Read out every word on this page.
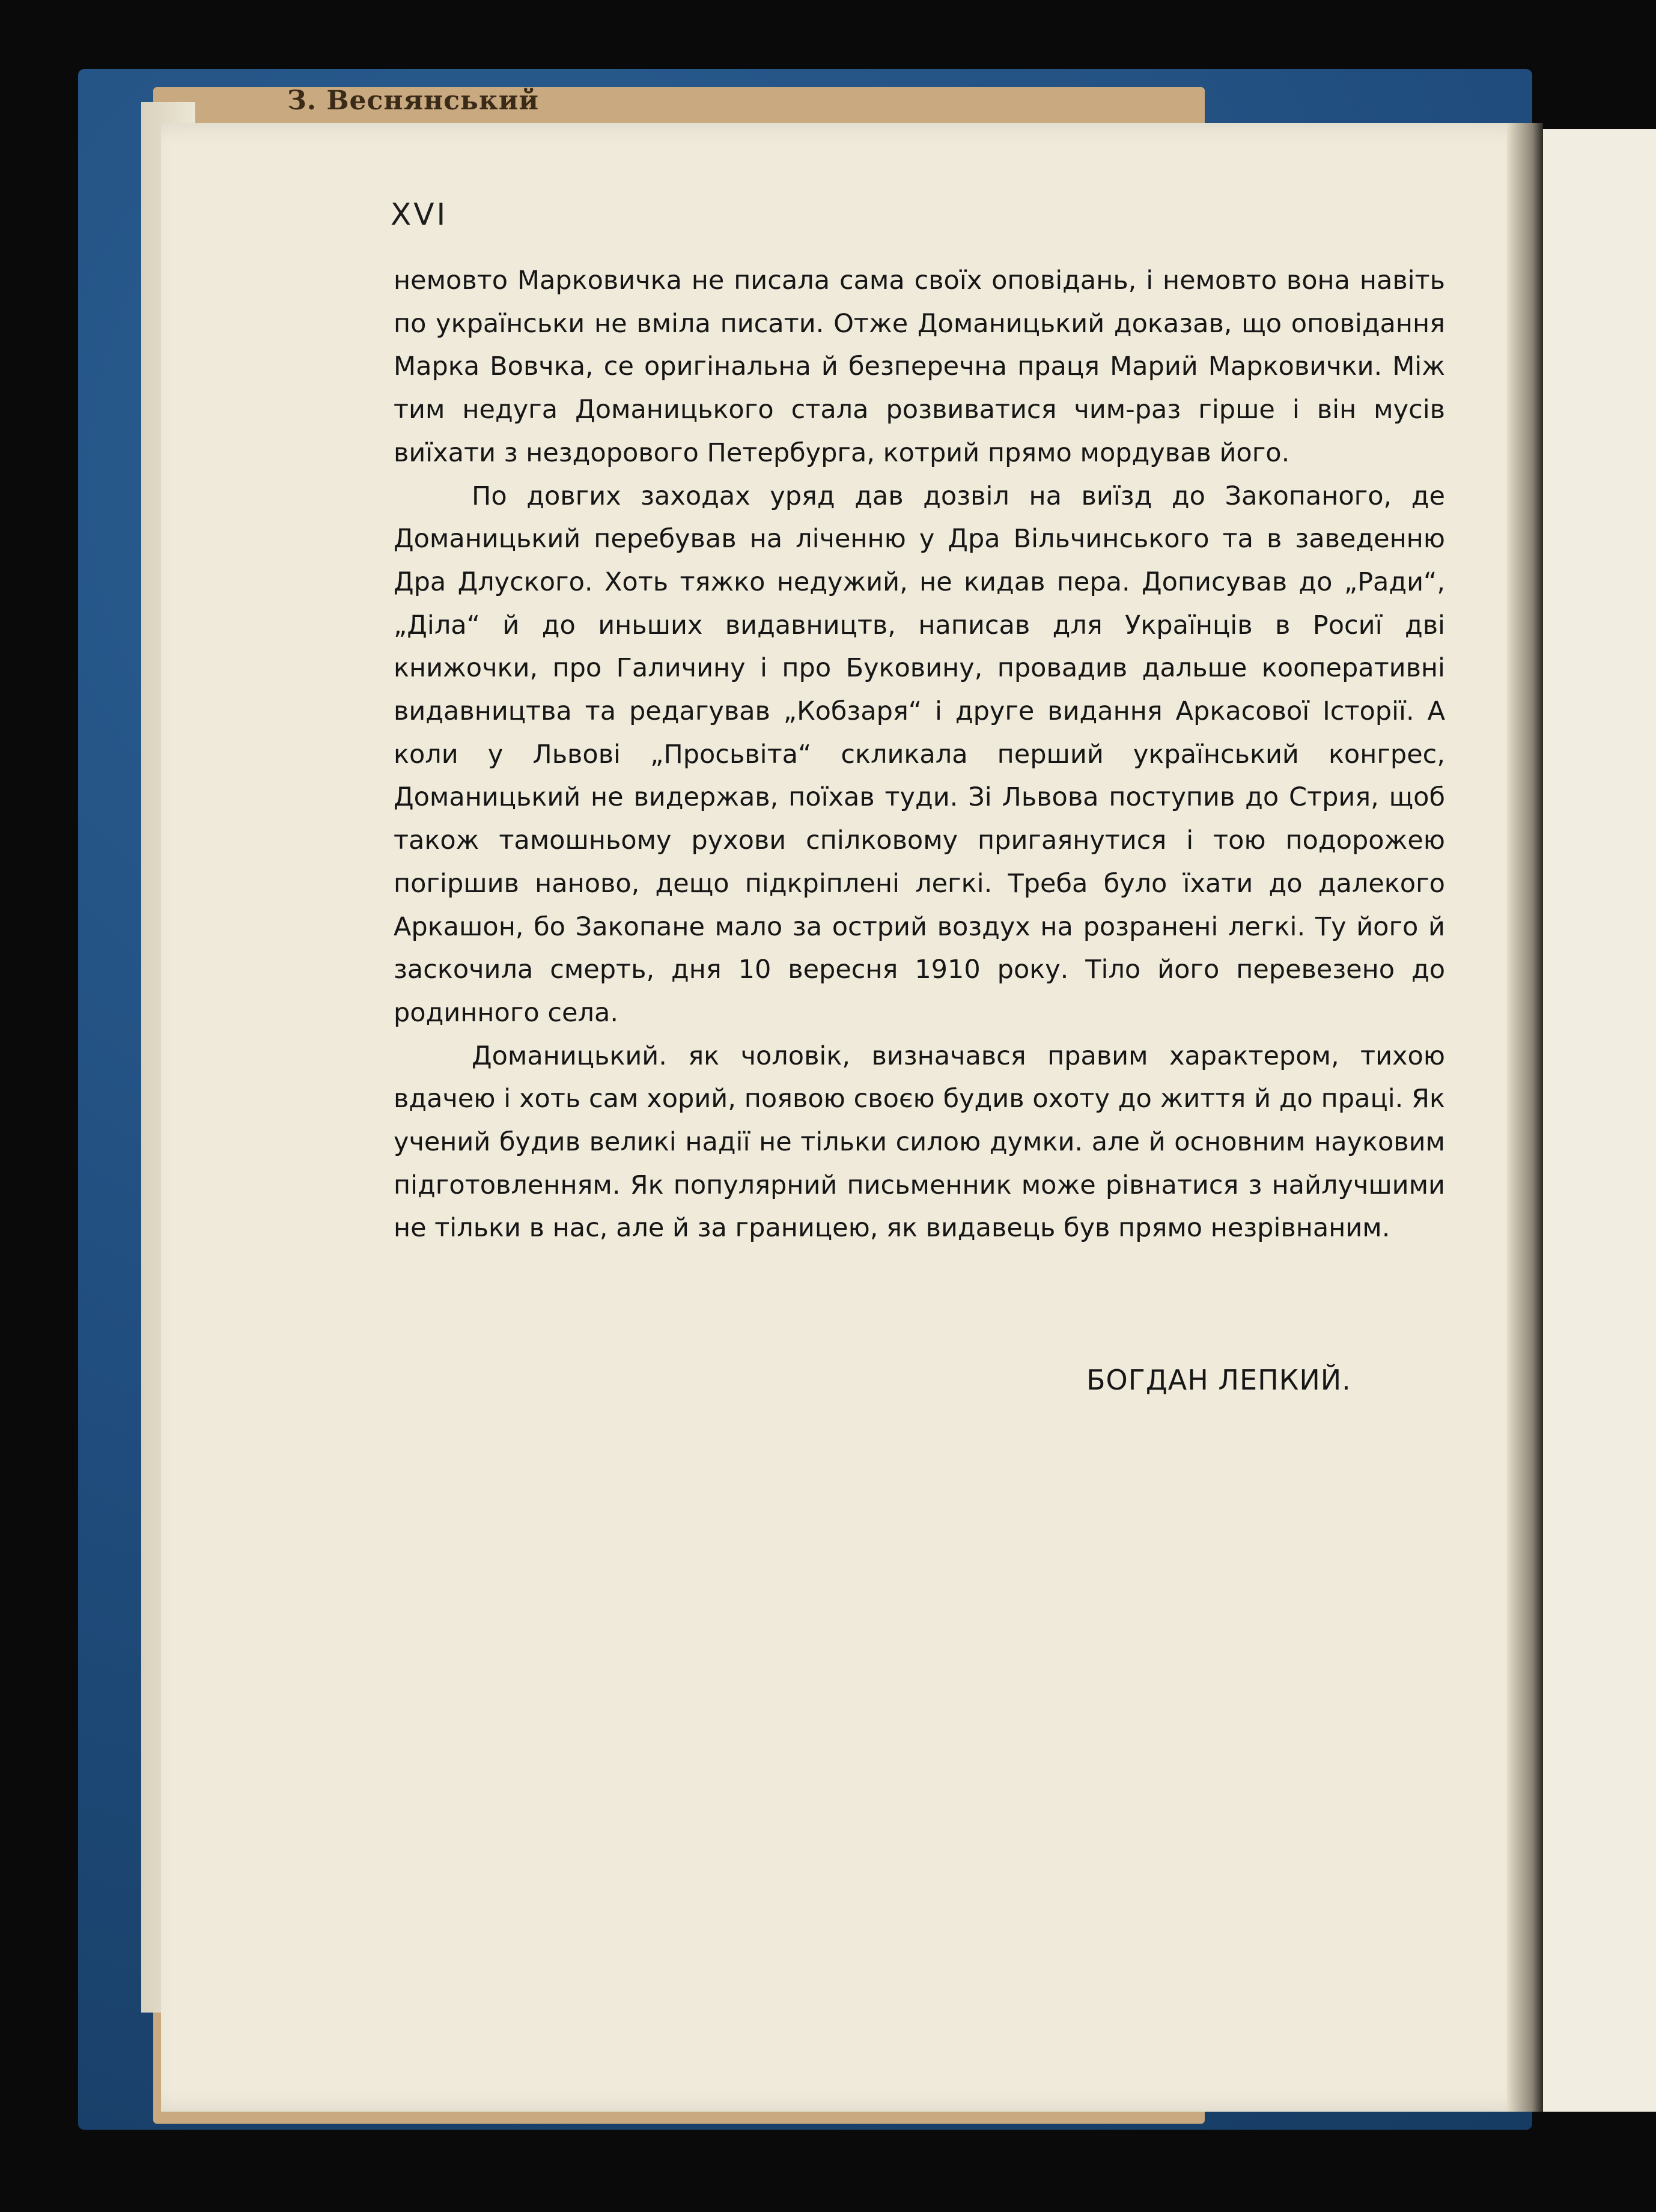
З. Веснянський

XVI

немовто Марковичка не писала сама своїх оповідань, і немовто вона навіть по українськи не вміла писати. Отже Доманицький доказав, що оповідання Марка Вовчка, се оригінальна й безперечна праця Мариӥ Марковички. Між тим недуга Доманицького стала розвиватися чим-раз гірше і він мусів виїхати з нездорового Петербурга, котрий прямо мордував його.

По довгих заходах уряд дав дозвіл на виїзд до Закопаного, де Доманицький перебував на лiченню у Дра Вільчинського та в заведенню Дра Длуского. Хоть тяжко недужий, не кидав пера. Дописував до „Ради“, „Діла“ й до иньших видавництв, написав для Українців в Росиї дві книжочки, про Галичину і про Буковину, провадив дальше кооперативні видавництва та редагував „Кобзаря“ і друге видання Аркасової Історії. А коли у Львові „Просьвіта“ скликала перший український конгрес, Доманицький не видержав, поїхав туди. Зі Львова поступив до Стрия, щоб також тамошньому рухови спілковому пригаянутися і тою подорожею погіршив наново, дещо підкріплені легкі. Треба було їхати до далекого Аркашон, бо Закопане мало за острий воздух на розранені легкі. Ту його й заскочила смерть, дня 10 вересня 1910 року. Тіло його перевезено до родинного села.

Доманицький. як чоловік, визначався правим характером, тихою вдачею і хоть сам хорий, появою своєю будив охоту до життя й до праці. Як учений будив великі надії не тільки силою думки. але й основним науковим підготовленням. Як популярний письменник може рівнатися з найлучшими не тільки в нас, але й за границею, як видавець був прямо незрівнаним.

БОГДАН ЛЕПКИЙ.
